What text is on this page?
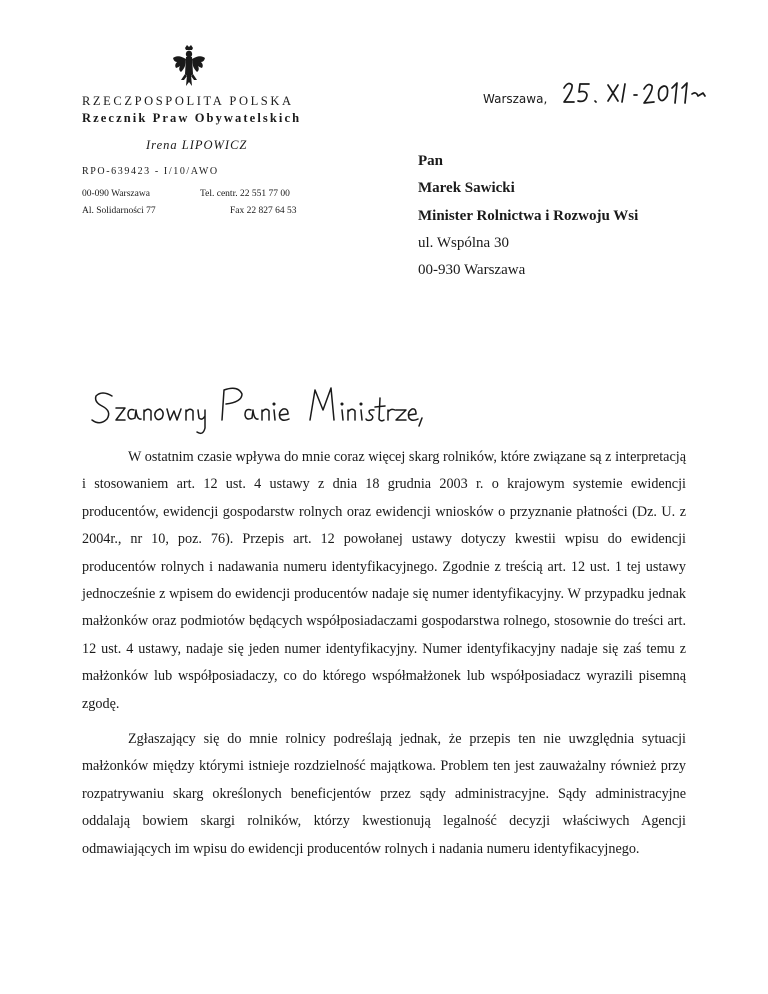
RZECZPOSPOLITA POLSKA
Rzecznik Praw Obywatelskich
Irena LIPOWICZ
RPO-639423 - I/10/AWO
00-090 Warszawa
Al. Solidarności 77
Tel. centr. 22 551 77 00
Fax 22 827 64 53
Warszawa,
Pan
Marek Sawicki
Minister Rolnictwa i Rozwoju Wsi
ul. Wspólna 30
00-930 Warszawa

W ostatnim czasie wpływa do mnie coraz więcej skarg rolników, które związane są z interpretacją i stosowaniem art. 12 ust. 4 ustawy z dnia 18 grudnia 2003 r. o krajowym systemie ewidencji producentów, ewidencji gospodarstw rolnych oraz ewidencji wniosków o przyznanie płatności (Dz. U. z 2004r., nr 10, poz. 76). Przepis art. 12 powołanej ustawy dotyczy kwestii wpisu do ewidencji producentów rolnych i nadawania numeru identyfikacyjnego. Zgodnie z treścią art. 12 ust. 1 tej ustawy jednocześnie z wpisem do ewidencji producentów nadaje się numer identyfikacyjny. W przypadku jednak małżonków oraz podmiotów będących współposiadaczami gospodarstwa rolnego, stosownie do treści art. 12 ust. 4 ustawy, nadaje się jeden numer identyfikacyjny. Numer identyfikacyjny nadaje się zaś temu z małżonków lub współposiadaczy, co do którego współmałżonek lub współposiadacz wyrazili pisemną zgodę.

Zgłaszający się do mnie rolnicy podreślają jednak, że przepis ten nie uwzględnia sytuacji małżonków między którymi istnieje rozdzielność majątkowa. Problem ten jest zauważalny również przy rozpatrywaniu skarg określonych beneficjentów przez sądy administracyjne. Sądy administracyjne oddalają bowiem skargi rolników, którzy kwestionują legalność decyzji właściwych Agencji odmawiających im wpisu do ewidencji producentów rolnych i nadania numeru identyfikacyjnego.
